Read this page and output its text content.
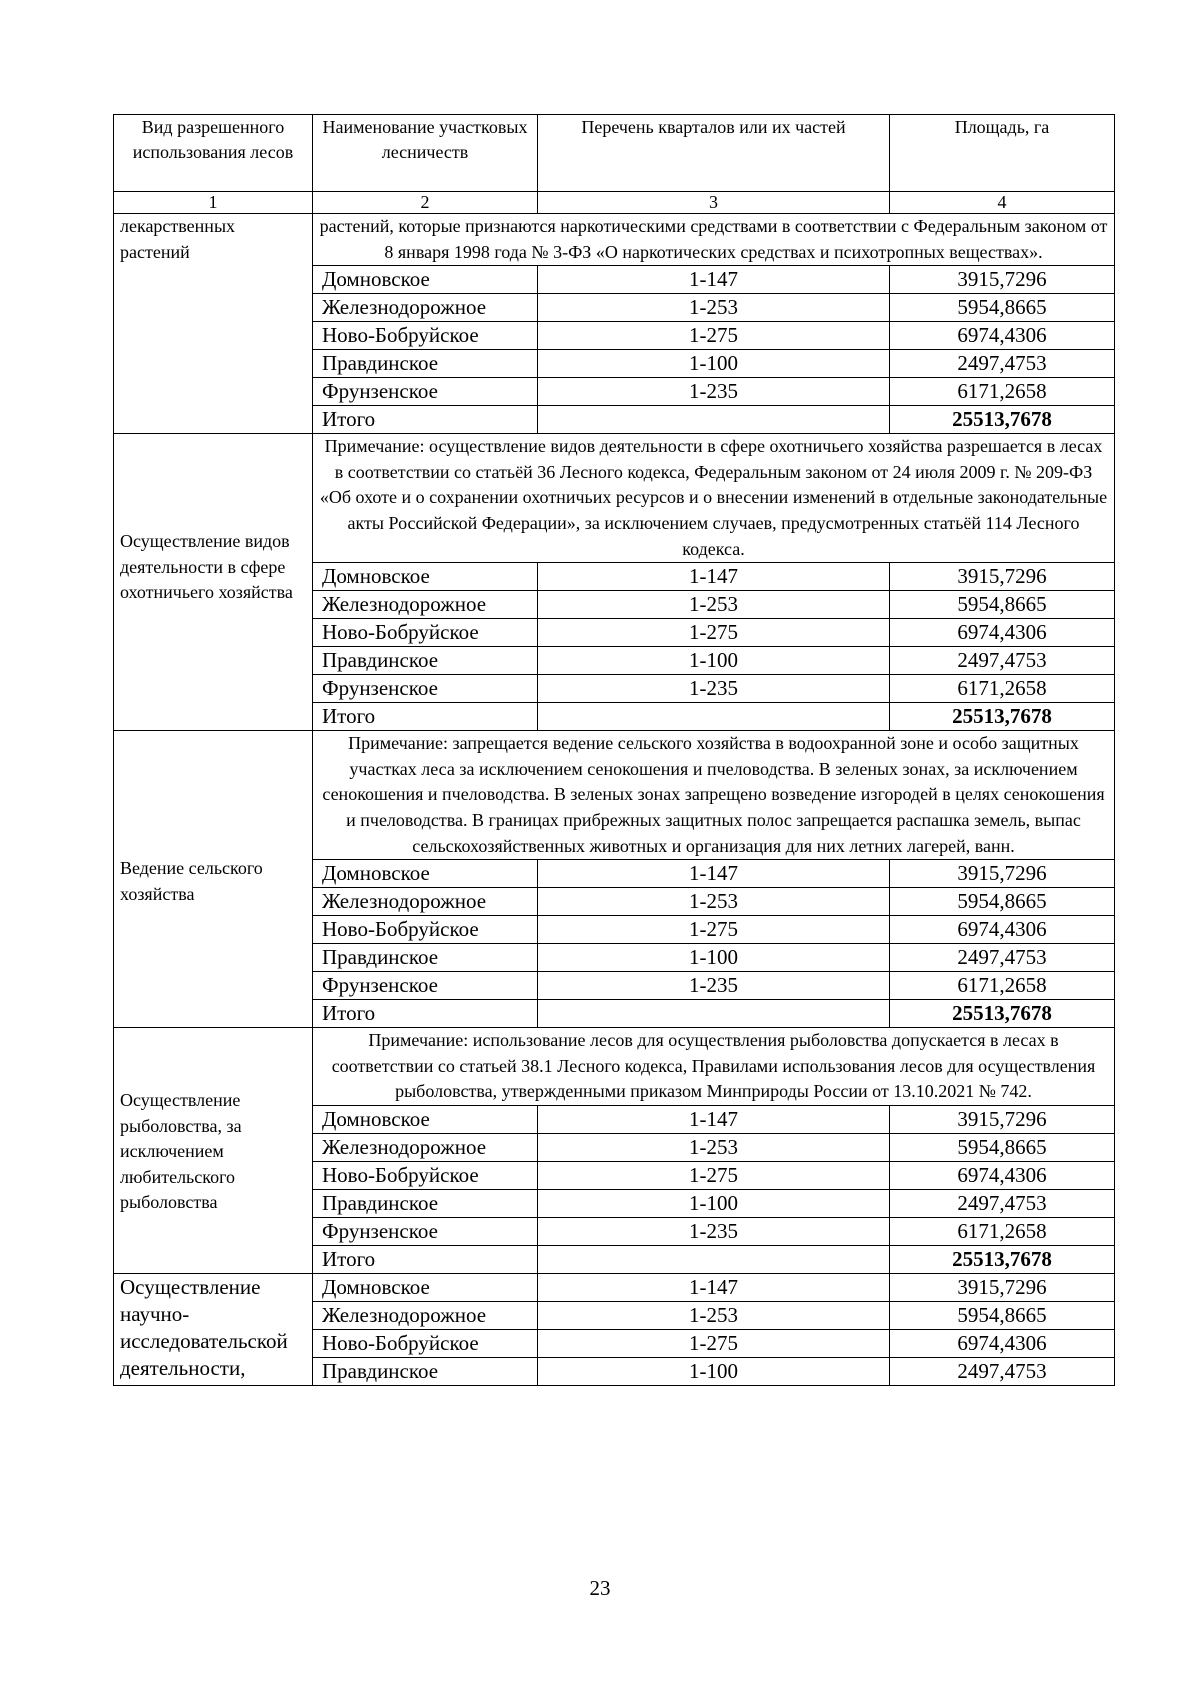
Вид разрешенного использования лесов	Наименование участковых лесничеств	Перечень кварталов или их частей	Площадь, га
1	2	3	4
лекарственных растений	растений, которые признаются наркотическими средствами в соответствии с Федеральным законом от 8 января 1998 года № 3-ФЗ «О наркотических средствах и психотропных веществах».		
	Домновское	1-147	3915,7296
	Железнодорожное	1-253	5954,8665
	Ново-Бобруйское	1-275	6974,4306
	Правдинское	1-100	2497,4753
	Фрунзенское	1-235	6171,2658
	Итого		25513,7678
Осуществление видов деятельности в сфере охотничьего хозяйства	Примечание: осуществление видов деятельности в сфере охотничьего хозяйства разрешается в лесах в соответствии со статьёй 36 Лесного кодекса, Федеральным законом от 24 июля 2009 г. № 209-ФЗ «Об охоте и о сохранении охотничьих ресурсов и о внесении изменений в отдельные законодательные акты Российской Федерации», за исключением случаев, предусмотренных статьёй 114 Лесного кодекса.		
	Домновское	1-147	3915,7296
	Железнодорожное	1-253	5954,8665
	Ново-Бобруйское	1-275	6974,4306
	Правдинское	1-100	2497,4753
	Фрунзенское	1-235	6171,2658
	Итого		25513,7678
Ведение сельского хозяйства	Примечание: запрещается ведение сельского хозяйства в водоохранной зоне и особо защитных участках леса за исключением сенокошения и пчеловодства. В зеленых зонах, за исключением сенокошения и пчеловодства. В зеленых зонах запрещено возведение изгородей в целях сенокошения и пчеловодства. В границах прибрежных защитных полос запрещается распашка земель, выпас сельскохозяйственных животных и организация для них летних лагерей, ванн.		
	Домновское	1-147	3915,7296
	Железнодорожное	1-253	5954,8665
	Ново-Бобруйское	1-275	6974,4306
	Правдинское	1-100	2497,4753
	Фрунзенское	1-235	6171,2658
	Итого		25513,7678
Осуществление рыболовства, за исключением любительского рыболовства	Примечание: использование лесов для осуществления рыболовства допускается в лесах в соответствии со статьей 38.1 Лесного кодекса, Правилами использования лесов для осуществления рыболовства, утвержденными приказом Минприроды России от 13.10.2021 № 742.		
	Домновское	1-147	3915,7296
	Железнодорожное	1-253	5954,8665
	Ново-Бобруйское	1-275	6974,4306
	Правдинское	1-100	2497,4753
	Фрунзенское	1-235	6171,2658
	Итого		25513,7678
Осуществление научно-исследовательской деятельности,	Домновское	1-147	3915,7296
	Железнодорожное	1-253	5954,8665
	Ново-Бобруйское	1-275	6974,4306
	Правдинское	1-100	2497,4753
23
